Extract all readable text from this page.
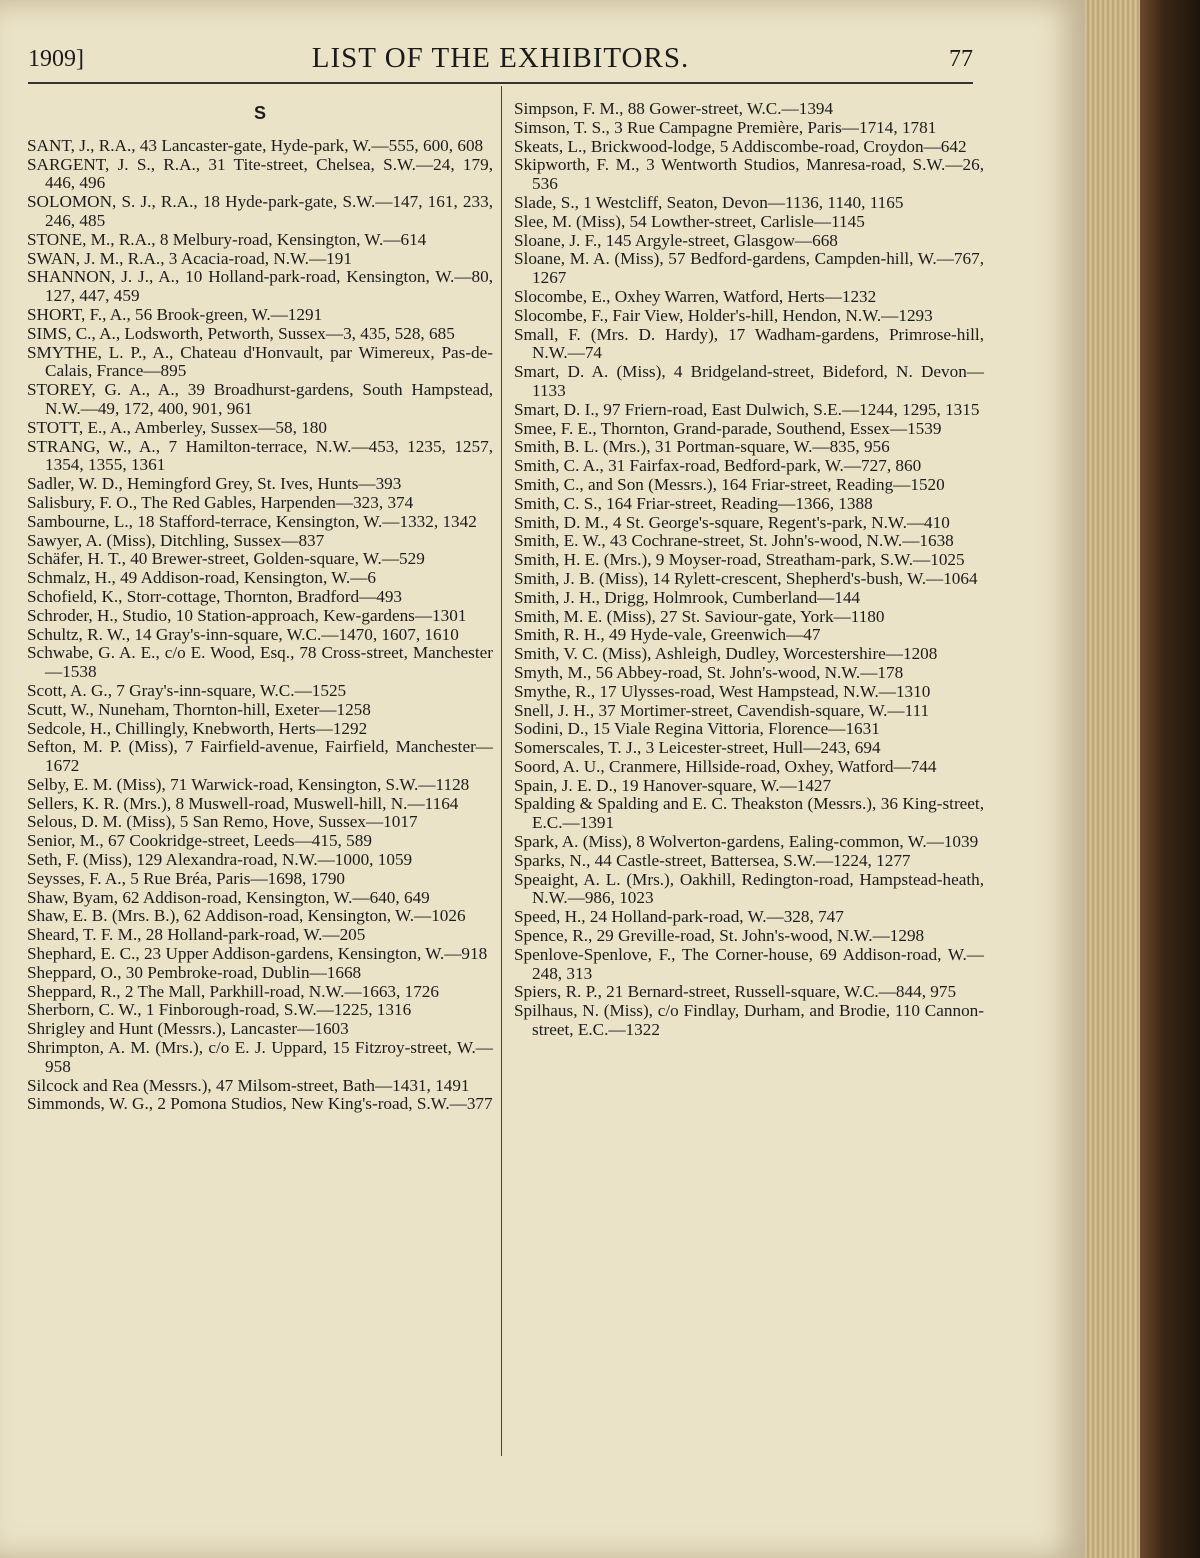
1909]	LIST OF THE EXHIBITORS.	77
S

SANT, J., R.A., 43 Lancaster-gate, Hyde-park, W.—555, 600, 608

SARGENT, J. S., R.A., 31 Tite-street, Chelsea, S.W.—24, 179, 446, 496

SOLOMON, S. J., R.A., 18 Hyde-park-gate, S.W.—147, 161, 233, 246, 485

STONE, M., R.A., 8 Melbury-road, Kensington, W.—614

SWAN, J. M., R.A., 3 Acacia-road, N.W.—191

SHANNON, J. J., A., 10 Holland-park-road, Kensington, W.—80, 127, 447, 459

SHORT, F., A., 56 Brook-green, W.—1291

SIMS, C., A., Lodsworth, Petworth, Sussex—3, 435, 528, 685

SMYTHE, L. P., A., Chateau d'Honvault, par Wimereux, Pas-de-Calais, France—895

STOREY, G. A., A., 39 Broadhurst-gardens, South Hampstead, N.W.—49, 172, 400, 901, 961

STOTT, E., A., Amberley, Sussex—58, 180

STRANG, W., A., 7 Hamilton-terrace, N.W.—453, 1235, 1257, 1354, 1355, 1361

Sadler, W. D., Hemingford Grey, St. Ives, Hunts—393

Salisbury, F. O., The Red Gables, Harpenden—323, 374

Sambourne, L., 18 Stafford-terrace, Kensington, W.—1332, 1342

Sawyer, A. (Miss), Ditchling, Sussex—837

Schäfer, H. T., 40 Brewer-street, Golden-square, W.—529

Schmalz, H., 49 Addison-road, Kensington, W.—6

Schofield, K., Storr-cottage, Thornton, Bradford—493

Schroder, H., Studio, 10 Station-approach, Kew-gardens—1301

Schultz, R. W., 14 Gray's-inn-square, W.C.—1470, 1607, 1610

Schwabe, G. A. E., c/o E. Wood, Esq., 78 Cross-street, Manchester—1538

Scott, A. G., 7 Gray's-inn-square, W.C.—1525

Scutt, W., Nuneham, Thornton-hill, Exeter—1258

Sedcole, H., Chillingly, Knebworth, Herts—1292

Sefton, M. P. (Miss), 7 Fairfield-avenue, Fairfield, Manchester—1672

Selby, E. M. (Miss), 71 Warwick-road, Kensington, S.W.—1128

Sellers, K. R. (Mrs.), 8 Muswell-road, Muswell-hill, N.—1164

Selous, D. M. (Miss), 5 San Remo, Hove, Sussex—1017

Senior, M., 67 Cookridge-street, Leeds—415, 589

Seth, F. (Miss), 129 Alexandra-road, N.W.—1000, 1059

Seysses, F. A., 5 Rue Bréa, Paris—1698, 1790

Shaw, Byam, 62 Addison-road, Kensington, W.—640, 649

Shaw, E. B. (Mrs. B.), 62 Addison-road, Kensington, W.—1026

Sheard, T. F. M., 28 Holland-park-road, W.—205

Shephard, E. C., 23 Upper Addison-gardens, Kensington, W.—918

Sheppard, O., 30 Pembroke-road, Dublin—1668

Sheppard, R., 2 The Mall, Parkhill-road, N.W.—1663, 1726

Sherborn, C. W., 1 Finborough-road, S.W.—1225, 1316

Shrigley and Hunt (Messrs.), Lancaster—1603

Shrimpton, A. M. (Mrs.), c/o E. J. Uppard, 15 Fitzroy-street, W.—958

Silcock and Rea (Messrs.), 47 Milsom-street, Bath—1431, 1491

Simmonds, W. G., 2 Pomona Studios, New King's-road, S.W.—377

Simpson, F. M., 88 Gower-street, W.C.—1394

Simson, T. S., 3 Rue Campagne Première, Paris—1714, 1781

Skeats, L., Brickwood-lodge, 5 Addiscombe-road, Croydon—642

Skipworth, F. M., 3 Wentworth Studios, Manresa-road, S.W.—26, 536

Slade, S., 1 Westcliff, Seaton, Devon—1136, 1140, 1165

Slee, M. (Miss), 54 Lowther-street, Carlisle—1145

Sloane, J. F., 145 Argyle-street, Glasgow—668

Sloane, M. A. (Miss), 57 Bedford-gardens, Campden-hill, W.—767, 1267

Slocombe, E., Oxhey Warren, Watford, Herts—1232

Slocombe, F., Fair View, Holder's-hill, Hendon, N.W.—1293

Small, F. (Mrs. D. Hardy), 17 Wadham-gardens, Primrose-hill, N.W.—74

Smart, D. A. (Miss), 4 Bridgeland-street, Bideford, N. Devon—1133

Smart, D. I., 97 Friern-road, East Dulwich, S.E.—1244, 1295, 1315

Smee, F. E., Thornton, Grand-parade, Southend, Essex—1539

Smith, B. L. (Mrs.), 31 Portman-square, W.—835, 956

Smith, C. A., 31 Fairfax-road, Bedford-park, W.—727, 860

Smith, C., and Son (Messrs.), 164 Friar-street, Reading—1520

Smith, C. S., 164 Friar-street, Reading—1366, 1388

Smith, D. M., 4 St. George's-square, Regent's-park, N.W.—410

Smith, E. W., 43 Cochrane-street, St. John's-wood, N.W.—1638

Smith, H. E. (Mrs.), 9 Moyser-road, Streatham-park, S.W.—1025

Smith, J. B. (Miss), 14 Rylett-crescent, Shepherd's-bush, W.—1064

Smith, J. H., Drigg, Holmrook, Cumberland—144

Smith, M. E. (Miss), 27 St. Saviour-gate, York—1180

Smith, R. H., 49 Hyde-vale, Greenwich—47

Smith, V. C. (Miss), Ashleigh, Dudley, Worcestershire—1208

Smyth, M., 56 Abbey-road, St. John's-wood, N.W.—178

Smythe, R., 17 Ulysses-road, West Hampstead, N.W.—1310

Snell, J. H., 37 Mortimer-street, Cavendish-square, W.—111

Sodini, D., 15 Viale Regina Vittoria, Florence—1631

Somerscales, T. J., 3 Leicester-street, Hull—243, 694

Soord, A. U., Cranmere, Hillside-road, Oxhey, Watford—744

Spain, J. E. D., 19 Hanover-square, W.—1427

Spalding & Spalding and E. C. Theakston (Messrs.), 36 King-street, E.C.—1391

Spark, A. (Miss), 8 Wolverton-gardens, Ealing-common, W.—1039

Sparks, N., 44 Castle-street, Battersea, S.W.—1224, 1277

Speaight, A. L. (Mrs.), Oakhill, Redington-road, Hampstead-heath, N.W.—986, 1023

Speed, H., 24 Holland-park-road, W.—328, 747

Spence, R., 29 Greville-road, St. John's-wood, N.W.—1298

Spenlove-Spenlove, F., The Corner-house, 69 Addison-road, W.—248, 313

Spiers, R. P., 21 Bernard-street, Russell-square, W.C.—844, 975

Spilhaus, N. (Miss), c/o Findlay, Durham, and Brodie, 110 Cannon-street, E.C.—1322
